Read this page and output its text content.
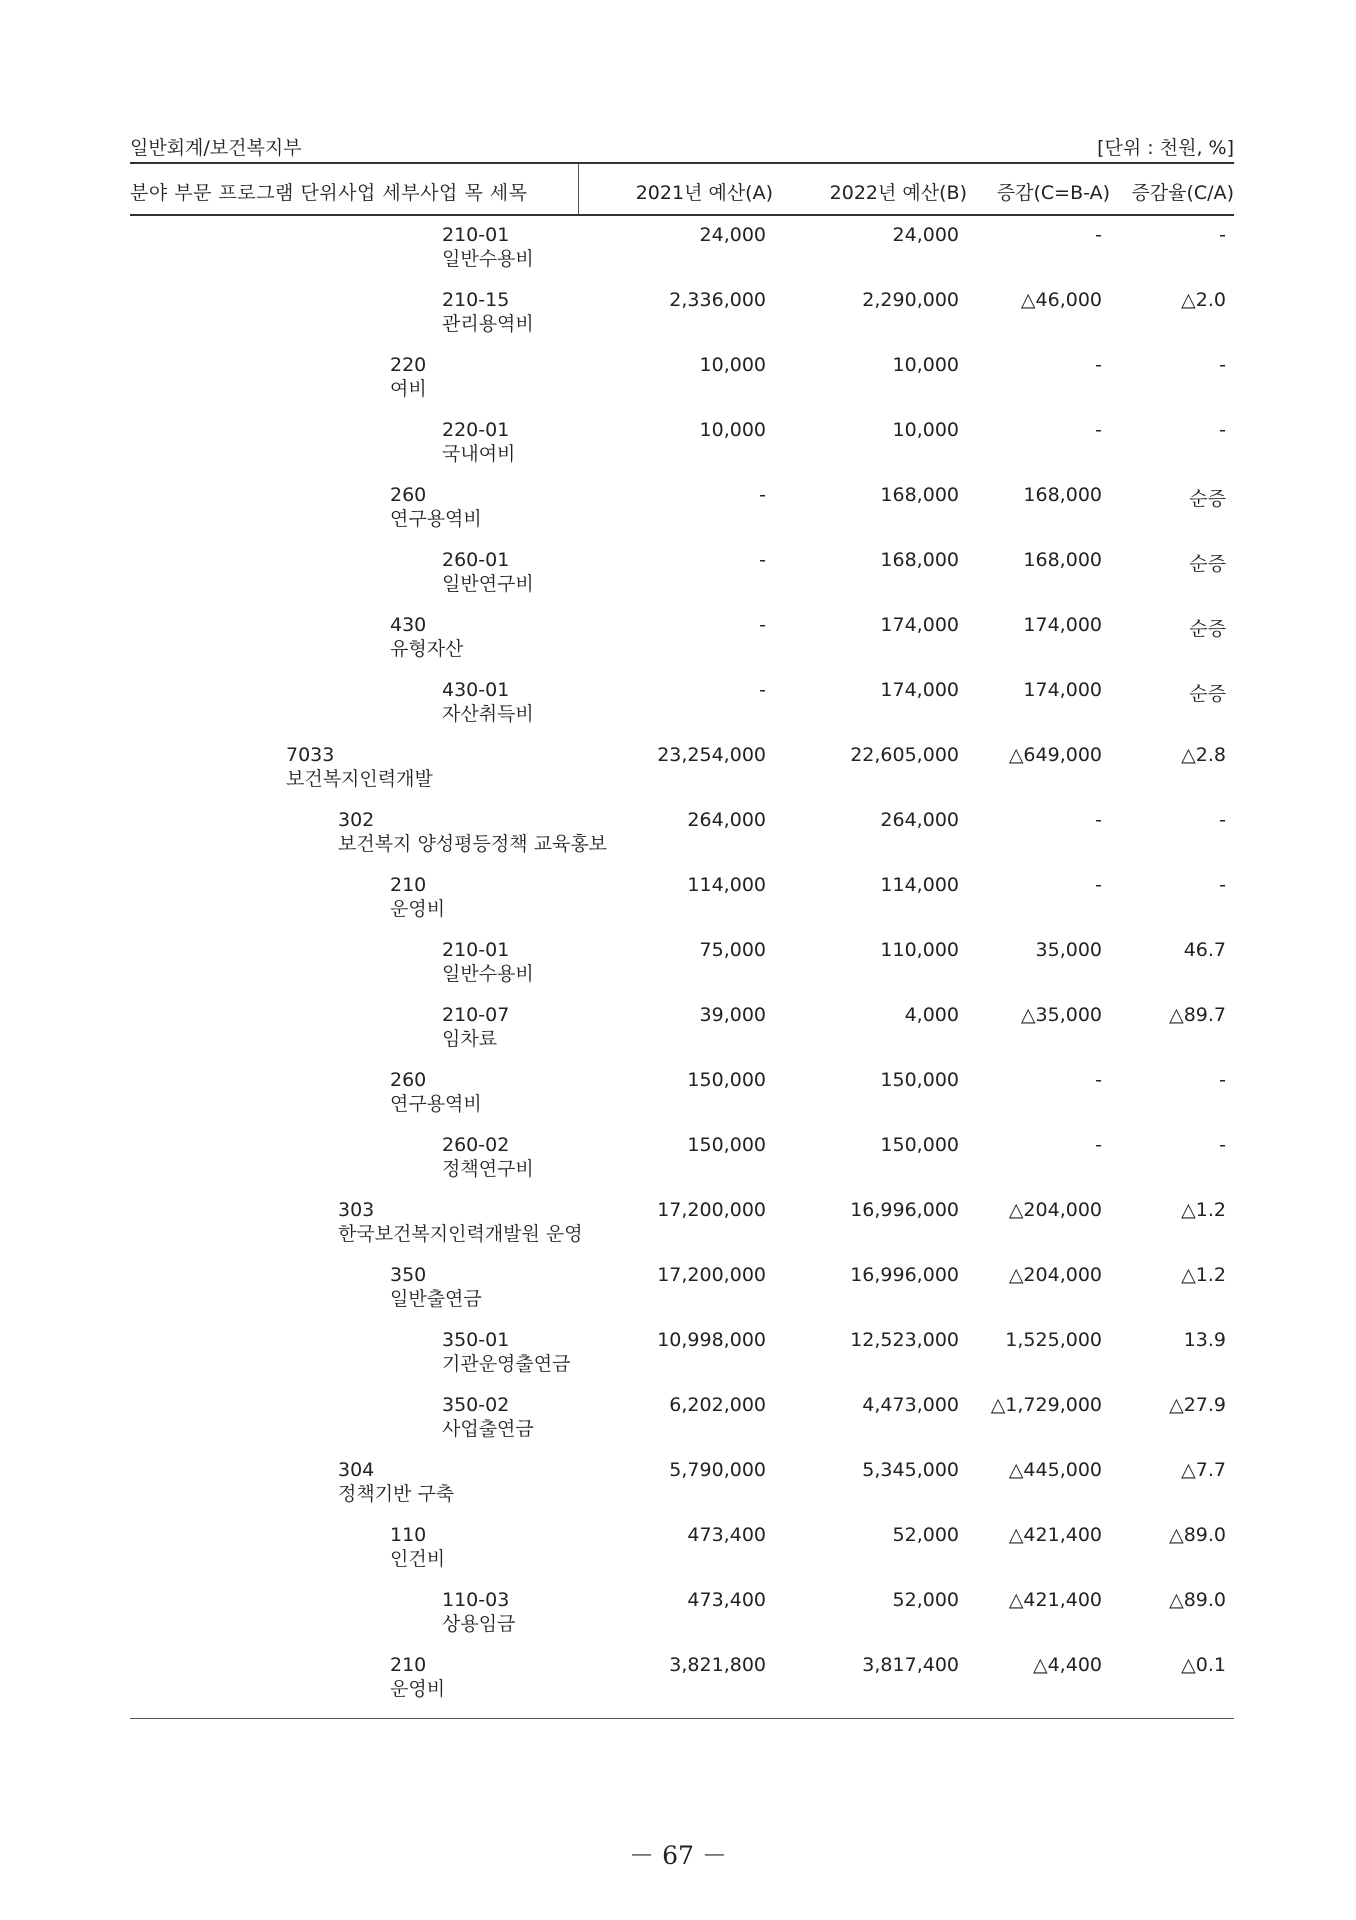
일반회계/보건복지부	[단위 : 천원, %]
분야 부문 프로그램 단위사업 세부사업 목 세목	2021년 예산(A)	2022년 예산(B) 증감(C=B-A) 증감율(C/A)
210-01
일반수용비
24,000	24,000	-	-
210-15
관리용역비
2,336,000	2,290,000	△46,000	△2.0
220
여비
10,000	10,000	-	-
220-01
국내여비
10,000	10,000	-	-
260
연구용역비
-	168,000	168,000	순증
260-01
일반연구비
-	168,000	168,000	순증
430
유형자산
-	174,000	174,000	순증
430-01
자산취득비
-	174,000	174,000	순증
7033
보건복지인력개발
23,254,000	22,605,000	△649,000	△2.8
302
보건복지 양성평등정책 교육홍보
264,000	264,000	-	-
210
운영비
114,000	114,000	-	-
210-01
일반수용비
75,000	110,000	35,000	46.7
210-07
임차료
39,000	4,000	△35,000	△89.7
260
연구용역비
150,000	150,000	-	-
260-02
정책연구비
150,000	150,000	-	-
303
한국보건복지인력개발원 운영
17,200,000	16,996,000	△204,000	△1.2
350
일반출연금
17,200,000	16,996,000	△204,000	△1.2
350-01
기관운영출연금
10,998,000	12,523,000 1,525,000	13.9
350-02
사업출연금
6,202,000	4,473,000 △1,729,000	△27.9
304
정책기반 구축
5,790,000	5,345,000	△445,000	△7.7
110
인건비
473,400	52,000	△421,400	△89.0
110-03
상용임금
473,400	52,000	△421,400	△89.0
210
운영비
3,821,800	3,817,400	△4,400	△0.1
－ 67 －
